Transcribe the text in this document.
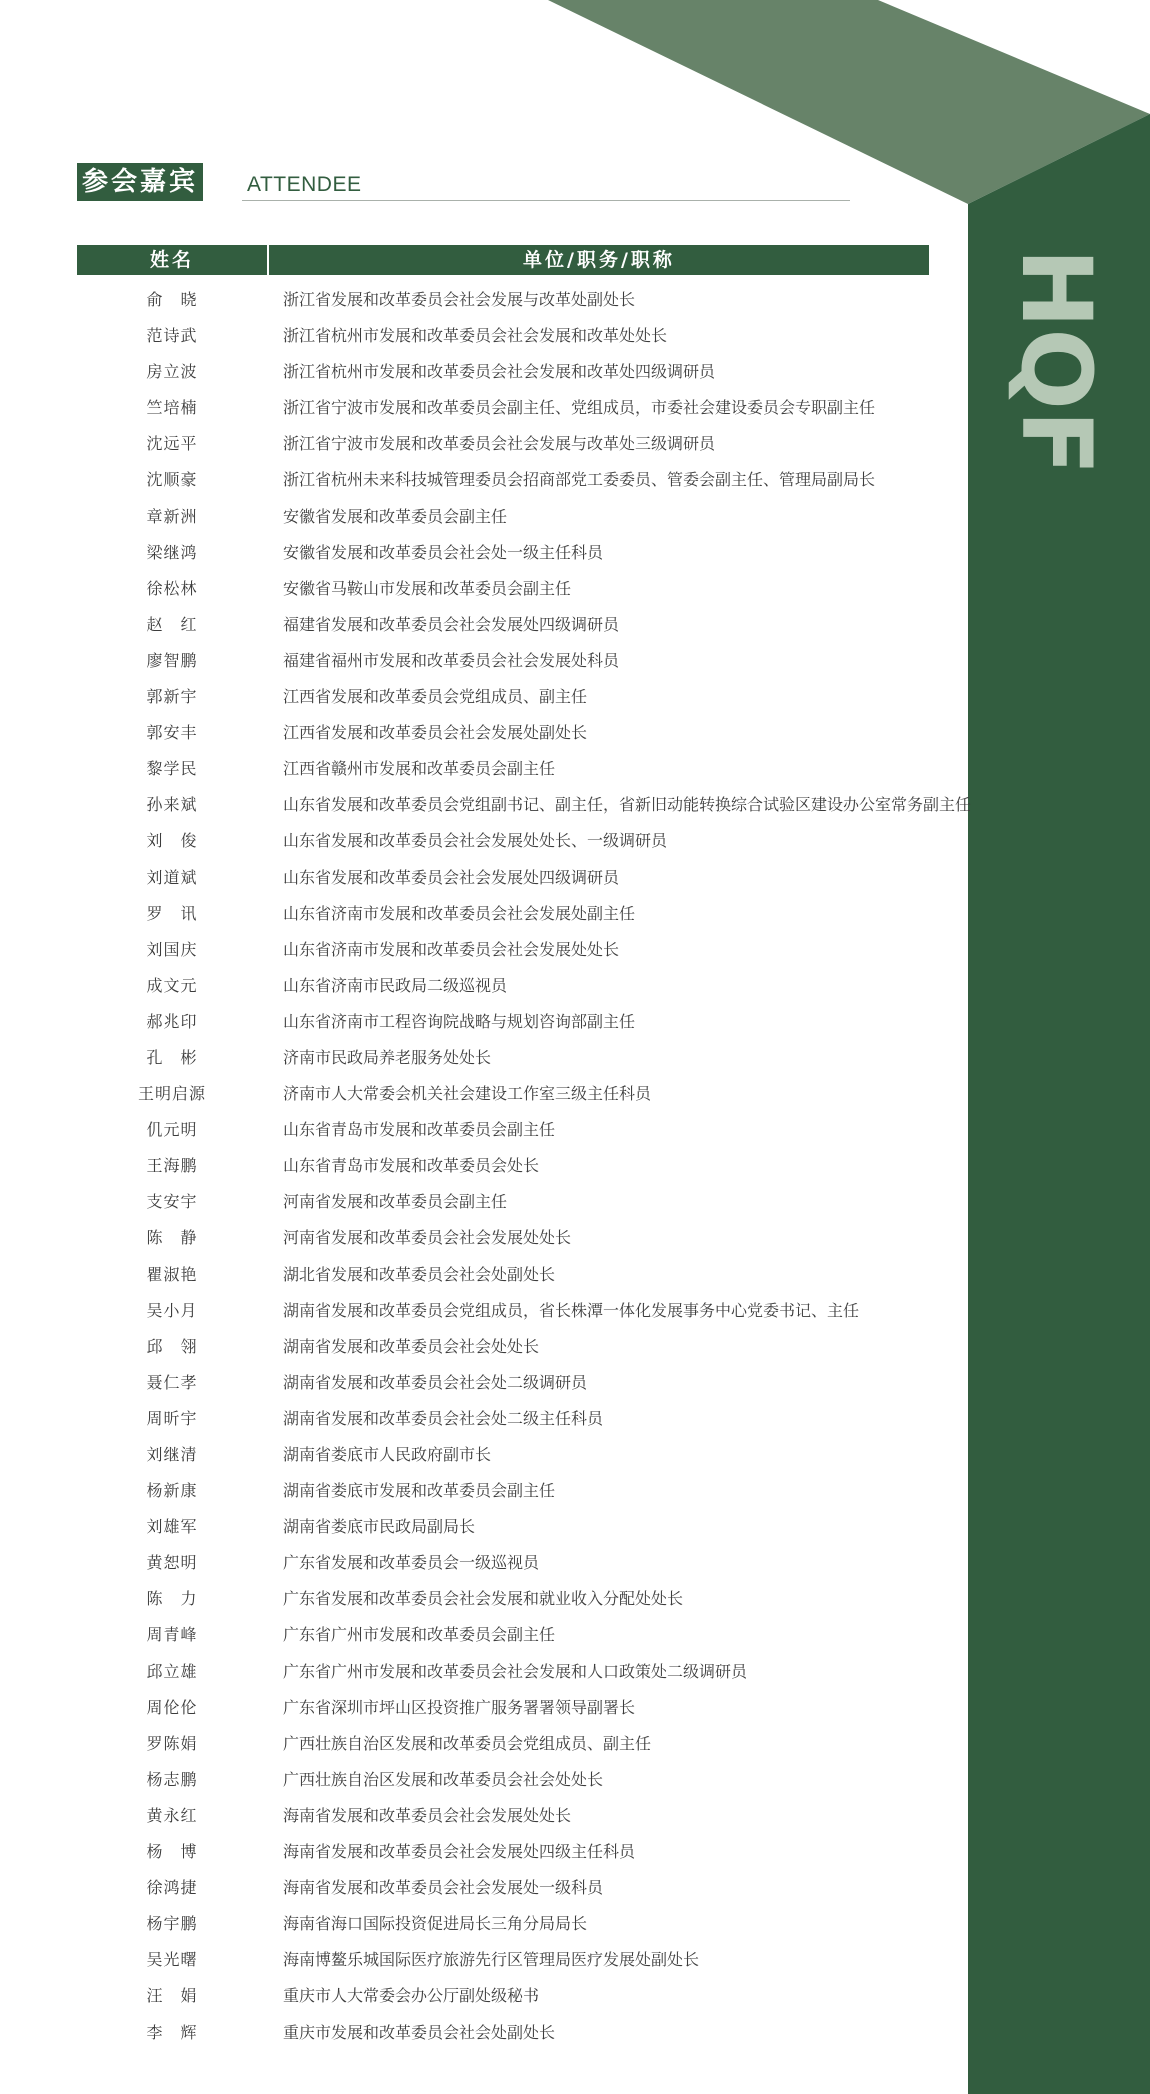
HQF
参会嘉宾 ATTENDEE
姓名	单位/职务/职称
俞　晓	浙江省发展和改革委员会社会发展与改革处副处长
范诗武	浙江省杭州市发展和改革委员会社会发展和改革处处长
房立波	浙江省杭州市发展和改革委员会社会发展和改革处四级调研员
竺培楠	浙江省宁波市发展和改革委员会副主任、党组成员，市委社会建设委员会专职副主任
沈远平	浙江省宁波市发展和改革委员会社会发展与改革处三级调研员
沈顺豪	浙江省杭州未来科技城管理委员会招商部党工委委员、管委会副主任、管理局副局长
章新洲	安徽省发展和改革委员会副主任
梁继鸿	安徽省发展和改革委员会社会处一级主任科员
徐松林	安徽省马鞍山市发展和改革委员会副主任
赵　红	福建省发展和改革委员会社会发展处四级调研员
廖智鹏	福建省福州市发展和改革委员会社会发展处科员
郭新宇	江西省发展和改革委员会党组成员、副主任
郭安丰	江西省发展和改革委员会社会发展处副处长
黎学民	江西省赣州市发展和改革委员会副主任
孙来斌	山东省发展和改革委员会党组副书记、副主任，省新旧动能转换综合试验区建设办公室常务副主任
刘　俊	山东省发展和改革委员会社会发展处处长、一级调研员
刘道斌	山东省发展和改革委员会社会发展处四级调研员
罗　讯	山东省济南市发展和改革委员会社会发展处副主任
刘国庆	山东省济南市发展和改革委员会社会发展处处长
成文元	山东省济南市民政局二级巡视员
郝兆印	山东省济南市工程咨询院战略与规划咨询部副主任
孔　彬	济南市民政局养老服务处处长
王明启源	济南市人大常委会机关社会建设工作室三级主任科员
仉元明	山东省青岛市发展和改革委员会副主任
王海鹏	山东省青岛市发展和改革委员会处长
支安宇	河南省发展和改革委员会副主任
陈　静	河南省发展和改革委员会社会发展处处长
瞿淑艳	湖北省发展和改革委员会社会处副处长
吴小月	湖南省发展和改革委员会党组成员，省长株潭一体化发展事务中心党委书记、主任
邱　翎	湖南省发展和改革委员会社会处处长
聂仁孝	湖南省发展和改革委员会社会处二级调研员
周昕宇	湖南省发展和改革委员会社会处二级主任科员
刘继清	湖南省娄底市人民政府副市长
杨新康	湖南省娄底市发展和改革委员会副主任
刘雄军	湖南省娄底市民政局副局长
黄恕明	广东省发展和改革委员会一级巡视员
陈　力	广东省发展和改革委员会社会发展和就业收入分配处处长
周青峰	广东省广州市发展和改革委员会副主任
邱立雄	广东省广州市发展和改革委员会社会发展和人口政策处二级调研员
周伦伦	广东省深圳市坪山区投资推广服务署署领导副署长
罗陈娟	广西壮族自治区发展和改革委员会党组成员、副主任
杨志鹏	广西壮族自治区发展和改革委员会社会处处长
黄永红	海南省发展和改革委员会社会发展处处长
杨　博	海南省发展和改革委员会社会发展处四级主任科员
徐鸿捷	海南省发展和改革委员会社会发展处一级科员
杨宇鹏	海南省海口国际投资促进局长三角分局局长
吴光曙	海南博鳌乐城国际医疗旅游先行区管理局医疗发展处副处长
汪　娟	重庆市人大常委会办公厅副处级秘书
李　辉	重庆市发展和改革委员会社会处副处长
